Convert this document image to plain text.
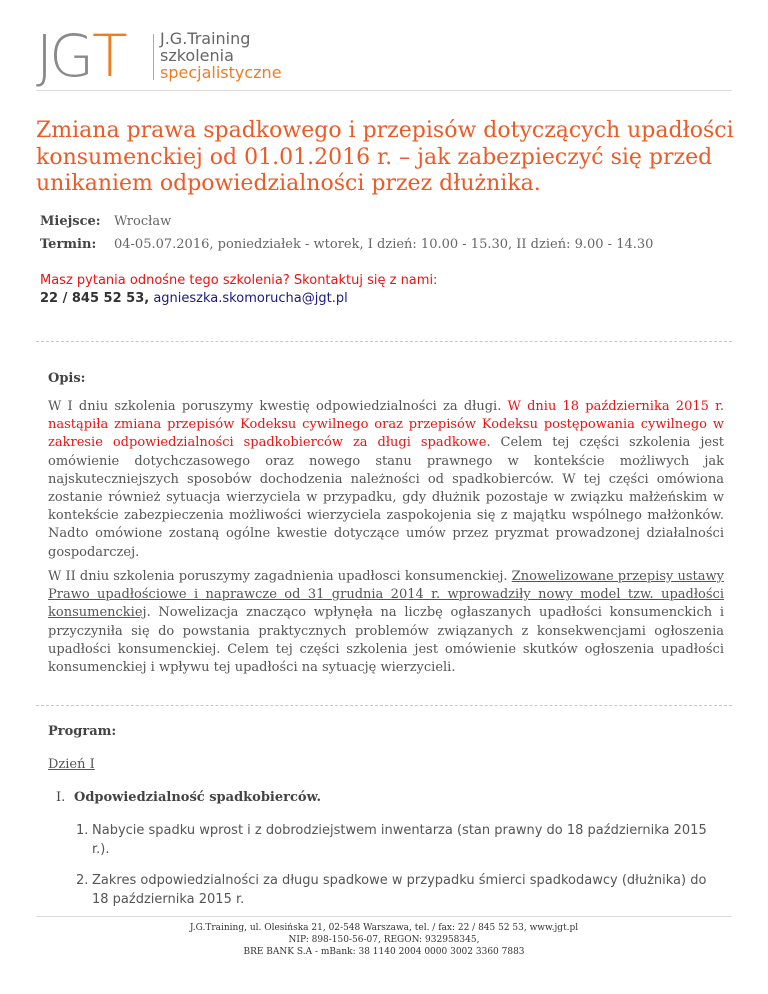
JG T J.G.Training
szkolenia
specjalistyczne
Zmiana prawa spadkowego i przepisów dotyczących upadłości konsumenckiej od 01.01.2016 r. – jak zabezpieczyć się przed unikaniem odpowiedzialności przez dłużnika.
Miejsce: Wrocław
Termin: 04-05.07.2016, poniedziałek - wtorek, I dzień: 10.00 - 15.30, II dzień: 9.00 - 14.30
Masz pytania odnośne tego szkolenia? Skontaktuj się z nami:
22 / 845 52 53, agnieszka.skomorucha@jgt.pl
Opis:

W I dniu szkolenia poruszymy kwestię odpowiedzialności za długi. W dniu 18 października 2015 r. nastąpiła zmiana przepisów Kodeksu cywilnego oraz przepisów Kodeksu postępowania cywilnego w zakresie odpowiedzialności spadkobierców za długi spadkowe. Celem tej części szkolenia jest omówienie dotychczasowego oraz nowego stanu prawnego w kontekście możliwych jak najskuteczniejszych sposobów dochodzenia należności od spadkobierców. W tej części omówiona zostanie również sytuacja wierzyciela w przypadku, gdy dłużnik pozostaje w związku małżeńskim w kontekście zabezpieczenia możliwości wierzyciela zaspokojenia się z majątku wspólnego małżonków. Nadto omówione zostaną ogólne kwestie dotyczące umów przez pryzmat prowadzonej działalności gospodarczej.

W II dniu szkolenia poruszymy zagadnienia upadłosci konsumenckiej. Znowelizowane przepisy ustawy Prawo upadłościowe i naprawcze od 31 grudnia 2014 r. wprowadziły nowy model tzw. upadłości konsumenckiej. Nowelizacja znacząco wpłynęła na liczbę ogłaszanych upadłości konsumenckich i przyczyniła się do powstania praktycznych problemów związanych z konsekwencjami ogłoszenia upadłości konsumenckiej. Celem tej części szkolenia jest omówienie skutków ogłoszenia upadłości konsumenckiej i wpływu tej upadłości na sytuację wierzycieli.

Program:
Dzień I
I. Odpowiedzialność spadkobierców.
1. Nabycie spadku wprost i z dobrodziejstwem inwentarza (stan prawny do 18 października 2015 r.).
2. Zakres odpowiedzialności za długu spadkowe w przypadku śmierci spadkodawcy (dłużnika) do 18 października 2015 r.
J.G.Training, ul. Olesińska 21, 02-548 Warszawa, tel. / fax: 22 / 845 52 53, www.jgt.pl
NIP: 898-150-56-07, REGON: 932958345,
BRE BANK S.A - mBank: 38 1140 2004 0000 3002 3360 7883
